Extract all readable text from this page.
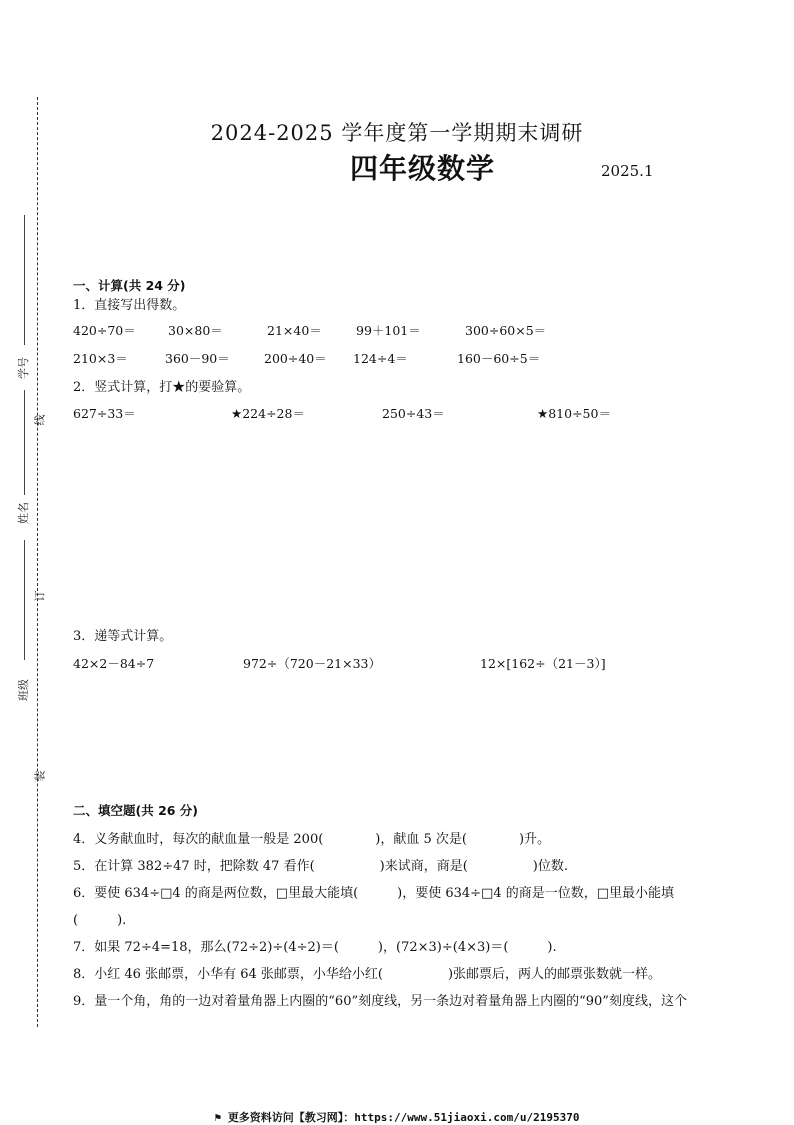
学号
线
姓名
订
班级
装
2024-2025 学年度第一学期期末调研
四年级数学	2025.1
一、计算(共 24 分)
1．直接写出得数。
420÷70＝	30×80＝	21×40＝	99＋101＝	300÷60×5＝
210×3＝	360－90＝	200÷40＝ 124÷4＝	160－60÷5＝
2．竖式计算，打★的要验算。
627÷33＝	★224÷28＝	250÷43＝	★810÷50＝
3．递等式计算。
42×2－84÷7	972÷（720－21×33）	12×[162÷（21－3）]
二、填空题(共 26 分)
4．义务献血时，每次的献血量一般是 200(　　　　)，献血 5 次是(　　　　)升。
5．在计算 382÷47 时，把除数 47 看作(　　　　　)来试商，商是(　　　　　)位数.
6．要使 634÷□4 的商是两位数，□里最大能填(　　　)，要使 634÷□4 的商是一位数，□里最小能填
(　　　).
7．如果 72÷4=18，那么(72÷2)÷(4÷2)＝(　　　)，(72×3)÷(4×3)＝(　　　).
8．小红 46 张邮票，小华有 64 张邮票，小华给小红(　　　　　)张邮票后，两人的邮票张数就一样。
9．量一个角，角的一边对着量角器上内圈的“60”刻度线，另一条边对着量角器上内圈的“90”刻度线，这个
⚑ 更多资料访问【教习网】：https://www.51jiaoxi.com/u/2195370
